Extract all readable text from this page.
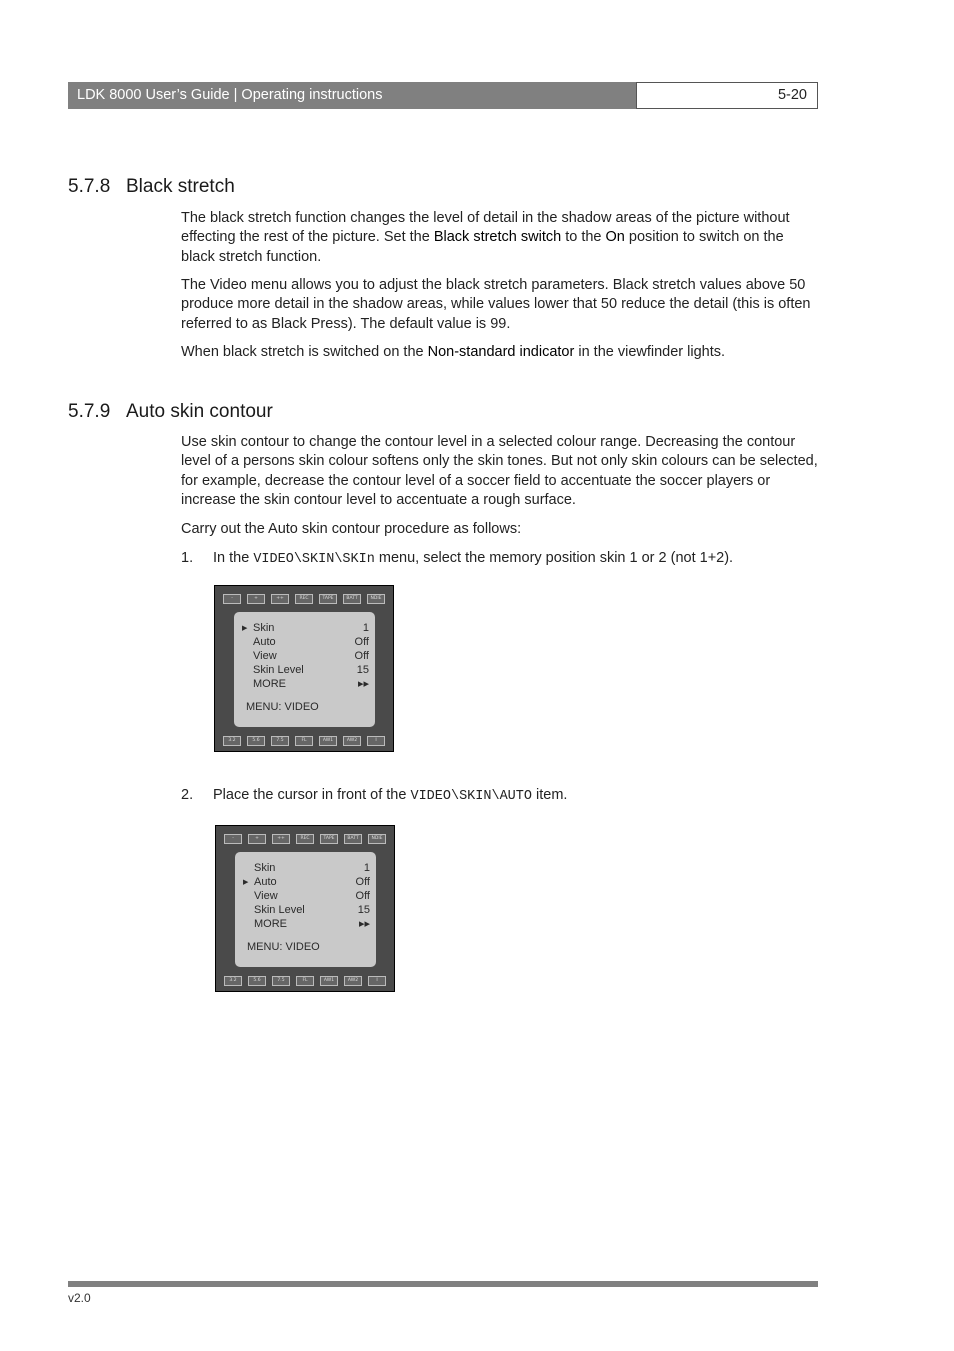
LDK 8000 User’s Guide | Operating instructions	5-20
5.7.8 Black stretch
The black stretch function changes the level of detail in the shadow areas of the picture without effecting the rest of the picture. Set the Black stretch switch to the On position to switch on the black stretch function.
The Video menu allows you to adjust the black stretch parameters. Black stretch values above 50 produce more detail in the shadow areas, while values lower that 50 reduce the detail (this is often referred to as Black Press). The default value is 99.
When black stretch is switched on the Non-standard indicator in the viewfinder lights.
5.7.9 Auto skin contour
Use skin contour to change the contour level in a selected colour range. Decreasing the contour level of a persons skin colour softens only the skin tones. But not only skin colours can be selected, for example, decrease the contour level of a soccer field to accentuate the soccer players or increase the skin contour level to accentuate a rough surface.
Carry out the Auto skin contour procedure as follows:
1. In the VIDEO\SKIN\SKIn menu, select the memory position skin 1 or 2 (not 1+2).
-	+	++	REC	TAPE	BATT	NDIE
▶ Skin	1
Auto	Off
View	Off
Skin Level	15
MORE	▸▸
MENU: VIDEO
3.2	5.6	7.5	FL	AW1	AW2	I
2. Place the cursor in front of the VIDEO\SKIN\AUTO item.
-	+	++	REC	TAPE	BATT	NDIE
▶
Skin	1
Auto	Off
View	Off
Skin Level	15
MORE	▸▸
MENU: VIDEO
3.2	5.6	7.5	FL	AW1	AW2	I
v2.0
